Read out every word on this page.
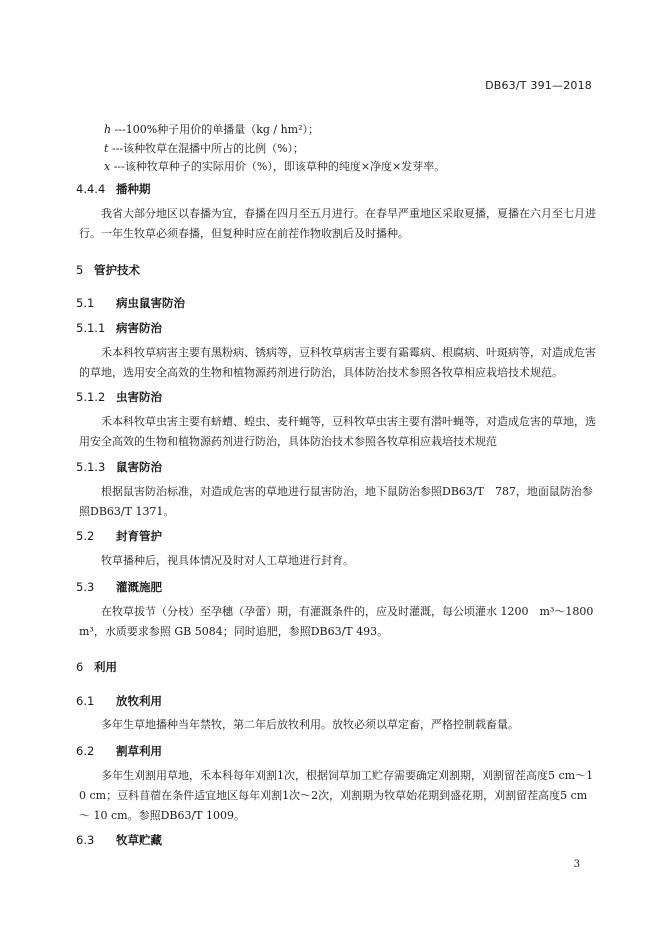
DB63/T 391—2018
h ---100%种子用价的单播量（kg / hm²）；
t ---该种牧草在混播中所占的比例（%）；
x ---该种牧草种子的实际用价（%），即该草种的纯度×净度×发芽率。
4.4.4 播种期
我省大部分地区以春播为宜，春播在四月至五月进行。在春旱严重地区采取夏播，夏播在六月至七月进行。一年生牧草必须春播，但复种时应在前茬作物收割后及时播种。
5 管护技术
5.1 病虫鼠害防治
5.1.1 病害防治
禾本科牧草病害主要有黑粉病、锈病等，豆科牧草病害主要有霜霉病、根腐病、叶斑病等，对造成危害的草地，选用安全高效的生物和植物源药剂进行防治，具体防治技术参照各牧草相应栽培技术规范。
5.1.2 虫害防治
禾本科牧草虫害主要有蛴螬、蝗虫、麦秆蝇等，豆科牧草虫害主要有潜叶蝇等，对造成危害的草地，选用安全高效的生物和植物源药剂进行防治，具体防治技术参照各牧草相应栽培技术规范
5.1.3 鼠害防治
根据鼠害防治标准，对造成危害的草地进行鼠害防治，地下鼠防治参照DB63/T　787，地面鼠防治参照DB63/T 1371。
5.2 封育管护
牧草播种后，视具体情况及时对人工草地进行封育。
5.3 灌溉施肥
在牧草拔节（分枝）至孕穗（孕蕾）期，有灌溉条件的，应及时灌溉，每公顷灌水 1200　m³～1800 m³，水质要求参照 GB 5084；同时追肥，参照DB63/T 493。
6 利用
6.1 放牧利用
多年生草地播种当年禁牧，第二年后放牧利用。放牧必须以草定畜，严格控制载畜量。
6.2 割草利用
多年生刈割用草地，禾本科每年刈割1次，根据饲草加工贮存需要确定刈割期，刈割留茬高度5 cm～10 cm；豆科苜蓿在条件适宜地区每年刈割1次～2次，刈割期为牧草始花期到盛花期，刈割留茬高度5 cm ～ 10 cm。参照DB63/T 1009。
6.3 牧草贮藏
3
